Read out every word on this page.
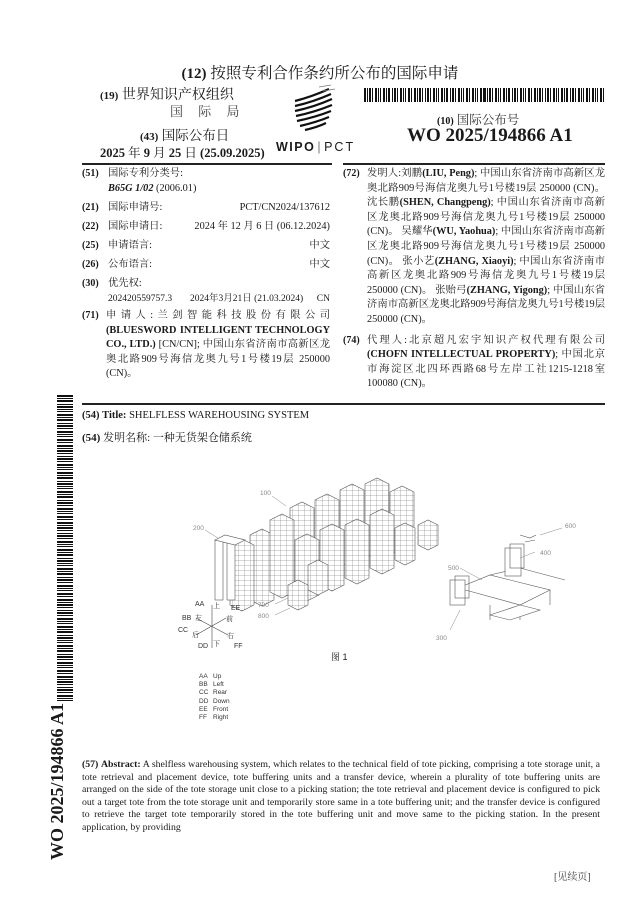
(12) 按照专利合作条约所公布的国际申请
(19) 世界知识产权组织
国 际 局
(43) 国际公布日
2025 年 9 月 25 日 (25.09.2025) WIPO | PCT
(10) 国际公布号
WO 2025/194866 A1
(51) 国际专利分类号:
B65G 1/02 (2006.01)
(21) 国际申请号:	PCT/CN2024/137612
(22) 国际申请日:	2024 年 12 月 6 日 (06.12.2024)
(25) 申请语言:	中文
(26) 公布语言:	中文
(30) 优先权:
202420559757.3 2024年3月21日 (21.03.2024) CN
(71) 申请人:兰剑智能科技股份有限公司(BLUESWORD INTELLIGENT TECHNOLOGY CO., LTD.) [CN/CN]; 中国山东省济南市高新区龙奥北路909号海信龙奥九号1号楼19层 250000 (CN)。
(72) 发明人:刘鹏(LIU, Peng); 中国山东省济南市高新区龙奥北路909号海信龙奥九号1号楼19层 250000 (CN)。 沈长鹏(SHEN, Changpeng); 中国山东省济南市高新区龙奥北路909号海信龙奥九号1号楼19层 250000 (CN)。 吴耀华(WU, Yaohua); 中国山东省济南市高新区龙奥北路909号海信龙奥九号1号楼19层 250000 (CN)。 张小艺(ZHANG, Xiaoyi); 中国山东省济南市高新区龙奥北路909号海信龙奥九号1号楼19层 250000 (CN)。 张贻弓(ZHANG, Yigong); 中国山东省济南市高新区龙奥北路909号海信龙奥九号1号楼19层 250000 (CN)。
(74) 代理人:北京超凡宏宇知识产权代理有限公司(CHOFN INTELLECTUAL PROPERTY); 中国北京市海淀区北四环西路68号左岸工社1215-1218室 100080 (CN)。
WO 2025/194866 A1
(54) Title: SHELFLESS WAREHOUSING SYSTEM
(54) 发明名称: 一种无货架仓储系统
100
200
300
400
500
600
700
800
AA 上 EE
BB 左	前
CC
后	右
DD 下 FF
图 1
AA Up
BB Left
CC Rear
DD Down
EE Front
FF Right
(57) Abstract: A shelfless warehousing system, which relates to the technical field of tote picking, comprising a tote storage unit, a tote retrieval and placement device, tote buffering units and a transfer device, wherein a plurality of tote buffering units are arranged on the side of the tote storage unit close to a picking station; the tote retrieval and placement device is configured to pick out a target tote from the tote storage unit and temporarily store same in a tote buffering unit; and the transfer device is configured to retrieve the target tote temporarily stored in the tote buffering unit and move same to the picking station. In the present application, by providing
[见续页]
